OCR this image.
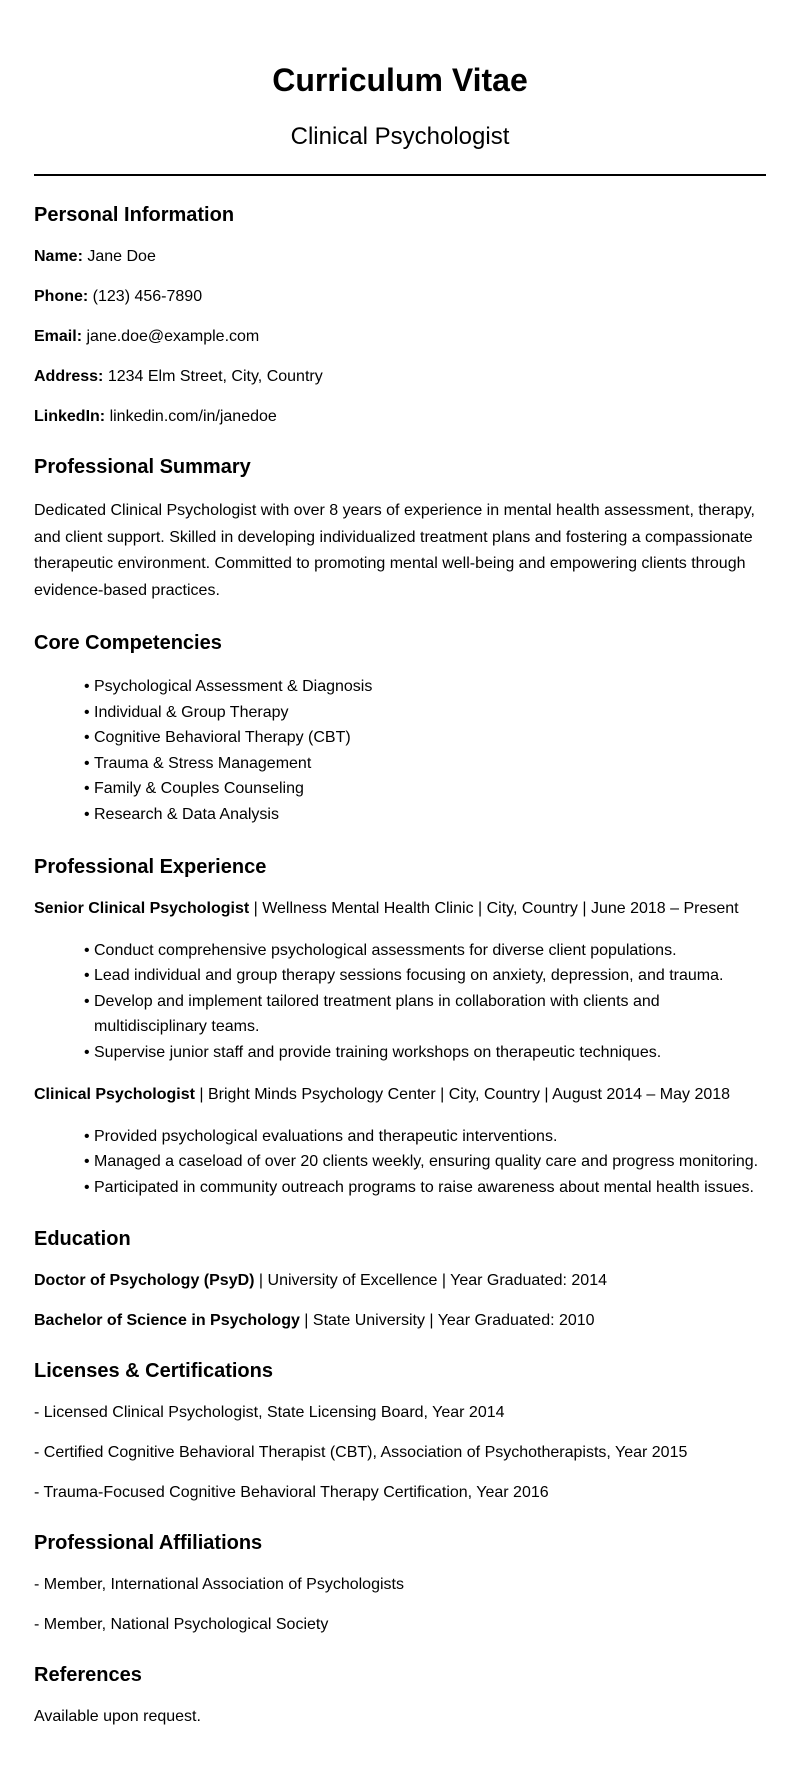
Curriculum Vitae
Clinical Psychologist
Personal Information

Name: Jane Doe

Phone: (123) 456-7890

Email: jane.doe@example.com

Address: 1234 Elm Street, City, Country

LinkedIn: linkedin.com/in/janedoe

Professional Summary

Dedicated Clinical Psychologist with over 8 years of experience in mental health assessment, therapy, and client support. Skilled in developing individualized treatment plans and fostering a compassionate therapeutic environment. Committed to promoting mental well-being and empowering clients through evidence-based practices.

Core Competencies
• Psychological Assessment & Diagnosis
• Individual & Group Therapy
• Cognitive Behavioral Therapy (CBT)
• Trauma & Stress Management
• Family & Couples Counseling
• Research & Data Analysis
Professional Experience

Senior Clinical Psychologist | Wellness Mental Health Clinic | City, Country | June 2018 – Present

• Conduct comprehensive psychological assessments for diverse client populations.
• Lead individual and group therapy sessions focusing on anxiety, depression, and trauma.
• Develop and implement tailored treatment plans in collaboration with clients and multidisciplinary teams.
• Supervise junior staff and provide training workshops on therapeutic techniques.

Clinical Psychologist | Bright Minds Psychology Center | City, Country | August 2014 – May 2018

• Provided psychological evaluations and therapeutic interventions.
• Managed a caseload of over 20 clients weekly, ensuring quality care and progress monitoring.
• Participated in community outreach programs to raise awareness about mental health issues.
Education

Doctor of Psychology (PsyD) | University of Excellence | Year Graduated: 2014

Bachelor of Science in Psychology | State University | Year Graduated: 2010

Licenses & Certifications

- Licensed Clinical Psychologist, State Licensing Board, Year 2014

- Certified Cognitive Behavioral Therapist (CBT), Association of Psychotherapists, Year 2015

- Trauma-Focused Cognitive Behavioral Therapy Certification, Year 2016

Professional Affiliations

- Member, International Association of Psychologists

- Member, National Psychological Society

References

Available upon request.
